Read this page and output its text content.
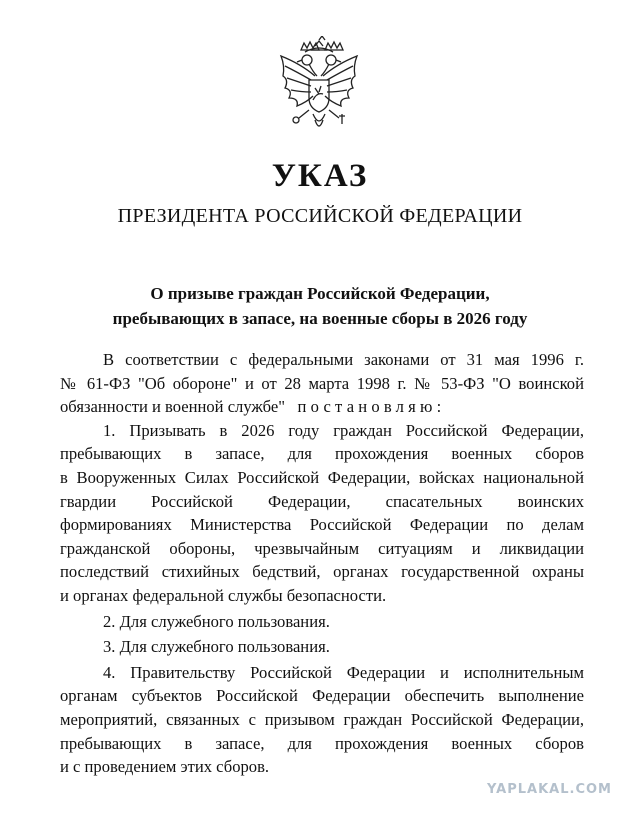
УКАЗ
ПРЕЗИДЕНТА РОССИЙСКОЙ ФЕДЕРАЦИИ
О призыве граждан Российской Федерации,
пребывающих в запасе, на военные сборы в 2026 году
В соответствии с федеральными законами от 31 мая 1996 г.
№ 61-ФЗ "Об обороне" и от 28 марта 1998 г. № 53-ФЗ "О воинской
обязанности и военной службе" постановляю:
1. Призывать в 2026 году граждан Российской Федерации,
пребывающих в запасе, для прохождения военных сборов
в Вооруженных Силах Российской Федерации, войсках национальной
гвардии Российской Федерации, спасательных воинских
формированиях Министерства Российской Федерации по делам
гражданской обороны, чрезвычайным ситуациям и ликвидации
последствий стихийных бедствий, органах государственной охраны
и органах федеральной службы безопасности.
2. Для служебного пользования.
3. Для служебного пользования.
4. Правительству Российской Федерации и исполнительным
органам субъектов Российской Федерации обеспечить выполнение
мероприятий, связанных с призывом граждан Российской Федерации,
пребывающих в запасе, для прохождения военных сборов
и с проведением этих сборов.
YAPLAKAL.COM
